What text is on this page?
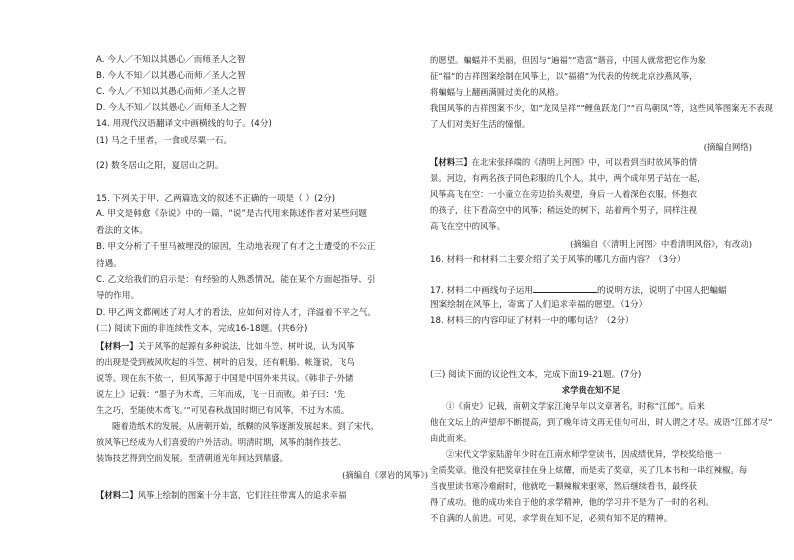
A. 今人／不知以其愚心／而师圣人之智
B. 今人不知／以其愚心而师／圣人之智
C. 今人／不知以其愚心而师／圣人之智
D. 今人不知／以其愚心／而师圣人之智
14. 用现代汉语翻译文中画横线的句子。(4分)
(1) 马之千里者，一食或尽粟一石。
(2) 数冬居山之阳，夏居山之阴。
15. 下列关于甲、乙两篇选文的叙述不正确的一项是（ ）(2分)
A. 甲文是韩愈《杂说》中的一篇，“说”是古代用来陈述作者对某些问题
看法的文体。
B. 甲文分析了千里马被埋没的原因，生动地表现了有才之士遭受的不公正
待遇。
C. 乙文给我们的启示是：有经验的人熟悉情况，能在某个方面起指导、引
导的作用。
D. 甲乙两文都阐述了对人才的看法，应如何对待人才，洋溢着不平之气。
(二) 阅读下面的非连续性文本，完成16-18题。(共6分)
【材料一】关于风筝的起源有多种说法，比如斗笠、树叶说，认为风筝
的出现是受到被风吹起的斗笠、树叶的启发，还有帆船、帐篷说，飞鸟
说等。现在东不依一，但风筝源于中国是中国外来共议。《韩非子·外储
说左上》记载：“墨子为木鸢，三年而成，飞一日而败。弟子曰：‘先
生之巧，至能使木鸢飞。’”可见春秋战国时期已有风筝，不过为木质。
随着造纸术的发展，从唐朝开始，纸糊的风筝逐渐发展起来。到了宋代，
放风筝已经成为人们喜爱的户外活动。明清时期，风筝的制作技艺、
装饰技艺得到空前发展。至清朝道光年间达到鼎盛。
(摘编自《翠岩的风筝》)
【材料二】风筝上绘制的图案十分丰富，它们往往带寓人的追求幸福
的愿望。蝙蝠并不美丽，但因与“遍福”“造富”谐音，中国人就常把它作为象
征“福”的吉祥图案绘制在风筝上，以“福禧”为代表的传统北京沙燕风筝，
将蝙蝠与上翻画满圆过美化的风格。
我国风筝的吉祥图案不少，如“龙凤呈祥”“鲤鱼跃龙门”“百鸟朝凤”等，这些风筝图案无不表现
了人们对美好生活的憧憬。
(摘编自网络)
【材料三】在北宋张择端的《清明上河图》中，可以看到当时放风筝的情
景。河边，有两名孩子同色彩服的几个人。其中，两个成年男子站在一起，
风筝高飞在空：一小童立在旁边抬头观望，身后一人着深色衣服，怀抱衣
的孩子，往下看高空中的风筝；稍远处的树下，站着两个男子，同样注视
高飞在空中的风筝。
(摘编自《〈清明上河图〉中看清明风俗》，有改动)
16. 材料一和材料二主要介绍了关于风筝的哪几方面内容？（3分）
17. 材料二中画线句子运用	的说明方法，说明了中国人把蝙蝠
图案绘制在风筝上，寄寓了人们追求幸福的愿望。（1分）
18. 材料三的内容印证了材料一中的哪句话？（2分）
(三) 阅读下面的议论性文本，完成下面19-21题。(7分)
求学贵在知不足
①《南史》记载，南朝文学家江淹早年以文章著名，时称“江郎”。后来
他在文坛上的声望却不断提高，到了晚年诗文再无佳句可出，时人谓之才尽。成语“江郎才尽”
由此而来。
②宋代文学家陆游年少时在江南水师学堂读书，因成绩优异，学校奖给他一
全质奖章。他没有把奖章挂在身上炫耀，而是卖了奖章，买了几本书和一串红辣椒。每
当夜里读书寒冷难耐时，他就吃一颗辣椒来驱寒，然后继续看书，最终获
得了成功。他的成功来自于他的求学精神，他的学习并不是为了一时的名利。
不自满的人前进。可见，求学贵在知不足，必须有知不足的精神。
